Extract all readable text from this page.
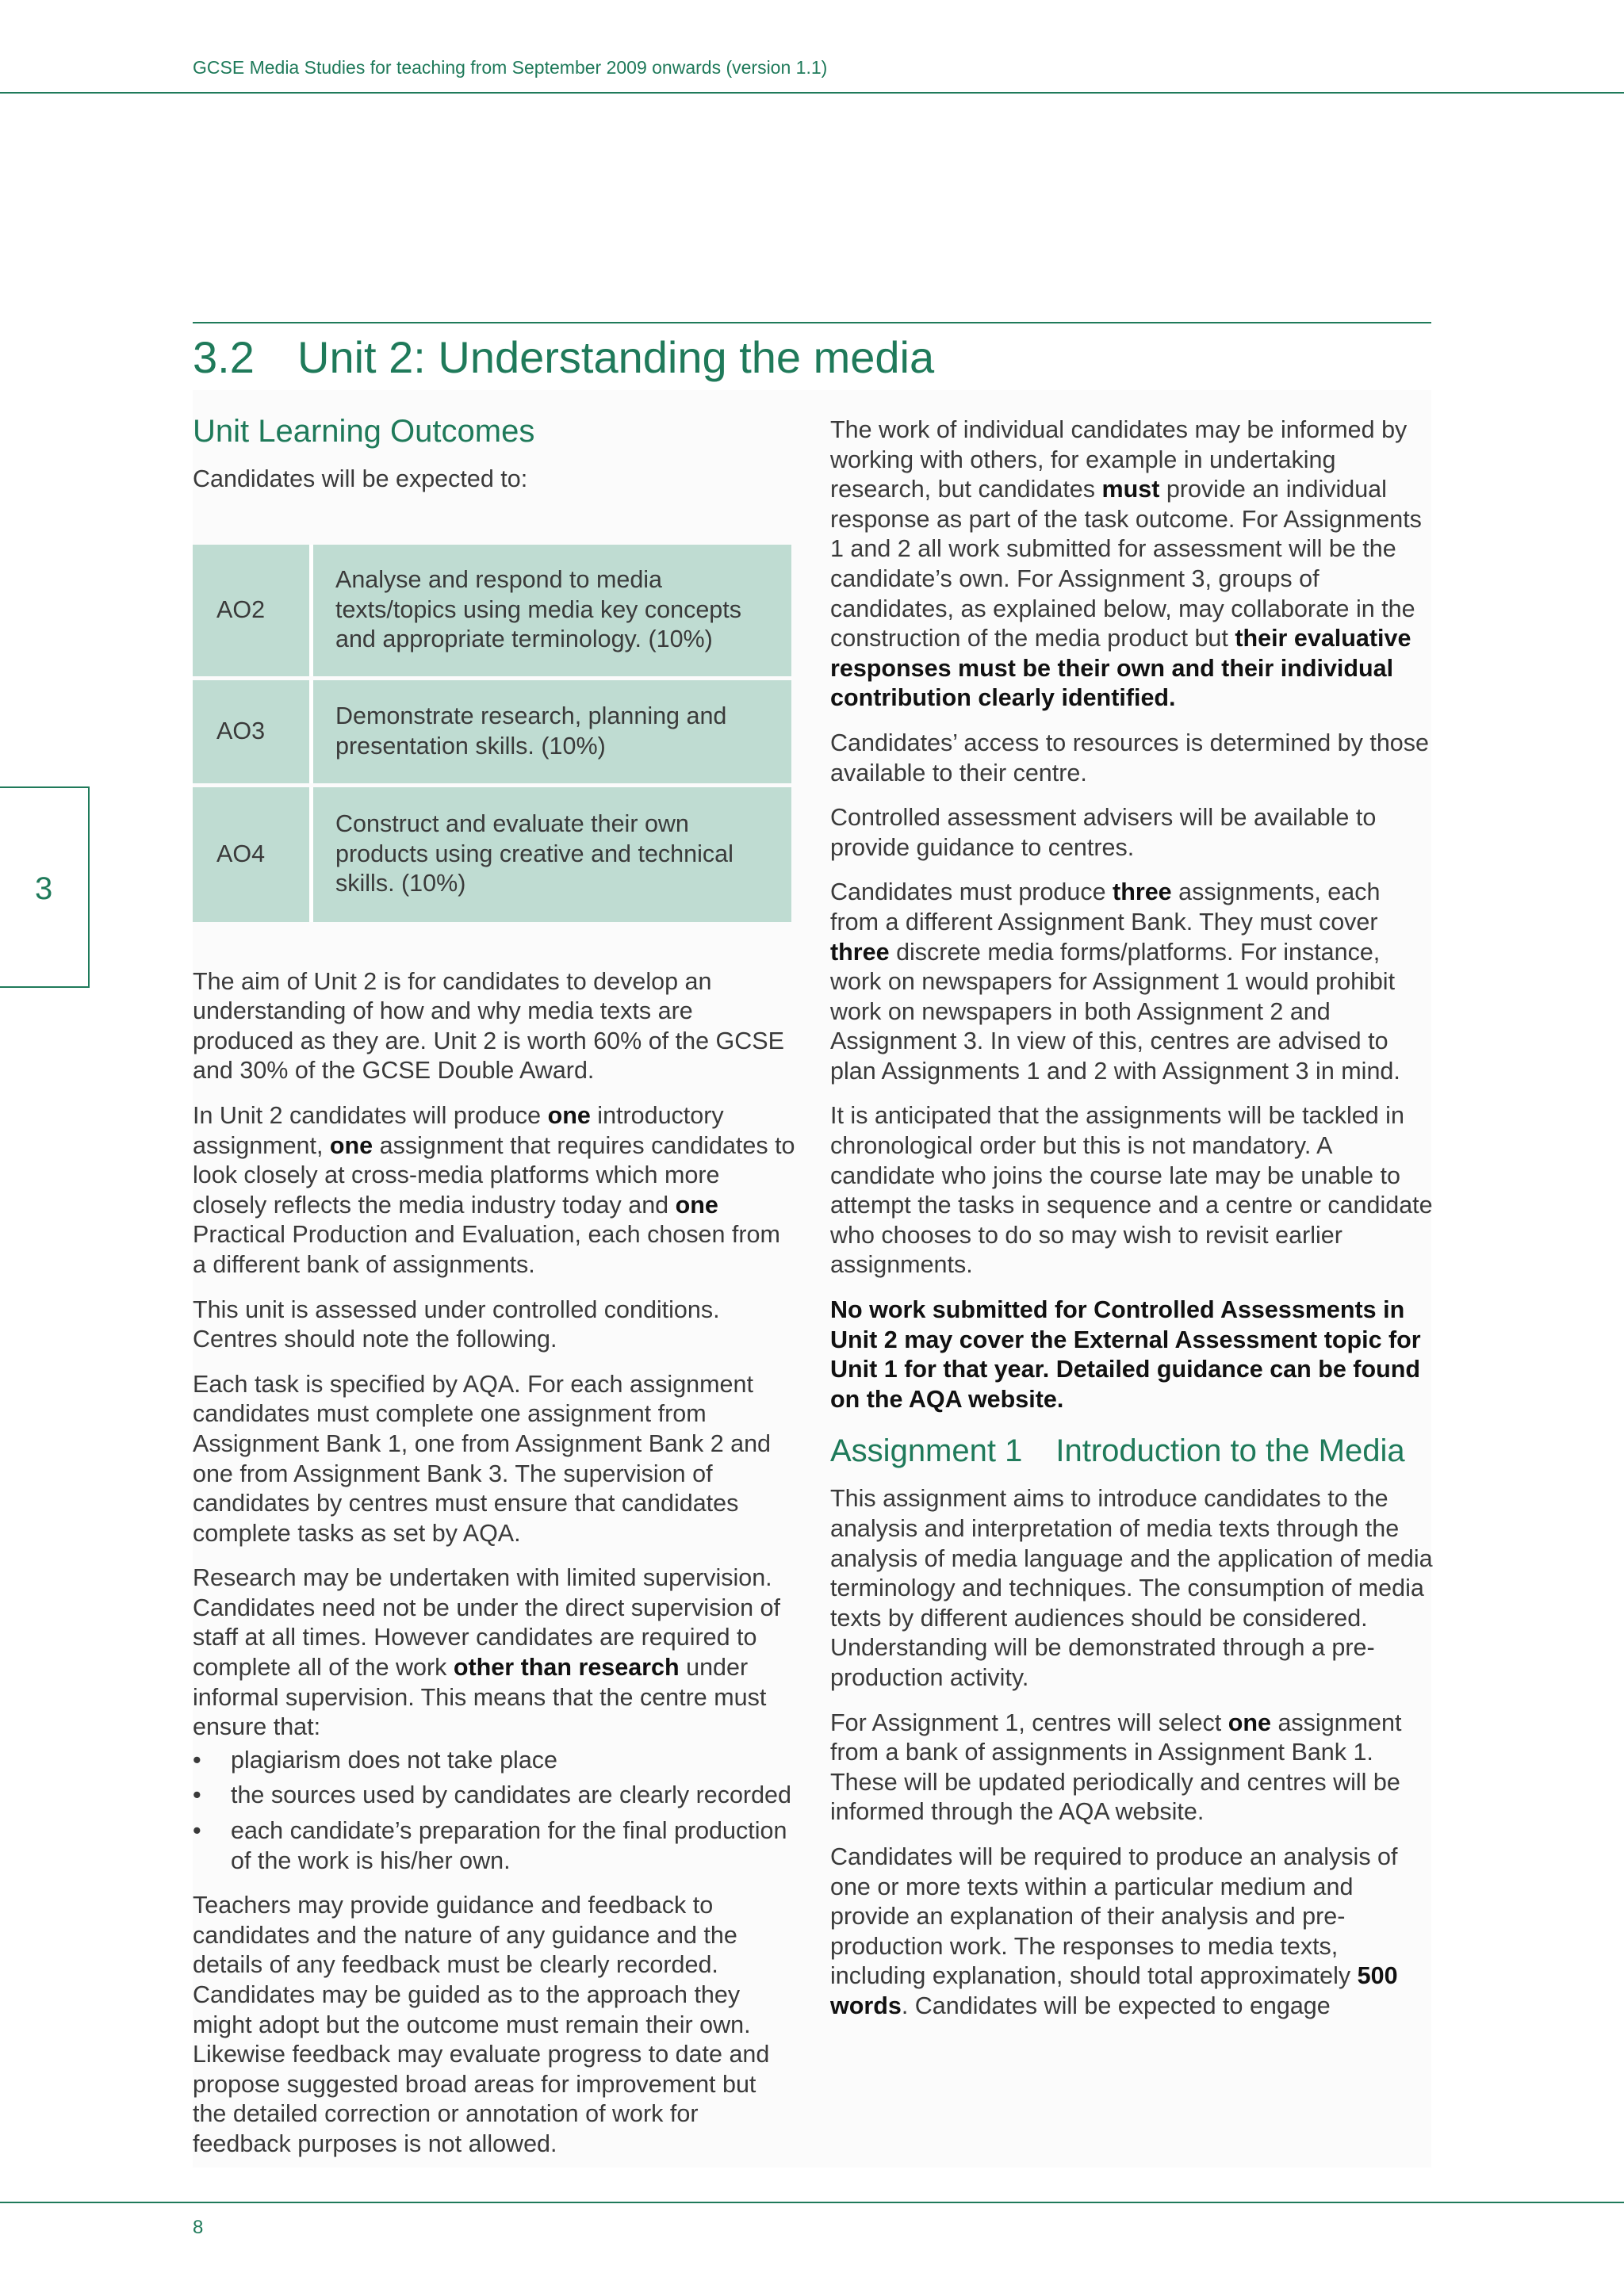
GCSE Media Studies for teaching from September 2009 onwards (version 1.1)
3.2 Unit 2: Understanding the media
3
Unit Learning Outcomes

Candidates will be expected to:

AO2	Analyse and respond to media texts/topics using media key concepts and appropriate terminology. (10%)
AO3	Demonstrate research, planning and presentation skills. (10%)
AO4	Construct and evaluate their own products using creative and technical skills. (10%)

The aim of Unit 2 is for candidates to develop an understanding of how and why media texts are produced as they are. Unit 2 is worth 60% of the GCSE and 30% of the GCSE Double Award.

In Unit 2 candidates will produce one introductory assignment, one assignment that requires candidates to look closely at cross-media platforms which more closely reflects the media industry today and one Practical Production and Evaluation, each chosen from a different bank of assignments.

This unit is assessed under controlled conditions. Centres should note the following.

Each task is specified by AQA. For each assignment candidates must complete one assignment from Assignment Bank 1, one from Assignment Bank 2 and one from Assignment Bank 3. The supervision of candidates by centres must ensure that candidates complete tasks as set by AQA.

Research may be undertaken with limited supervision. Candidates need not be under the direct supervision of staff at all times. However candidates are required to complete all of the work other than research under informal supervision. This means that the centre must ensure that:

• plagiarism does not take place
• the sources used by candidates are clearly recorded
• each candidate’s preparation for the final production of the work is his/her own.

Teachers may provide guidance and feedback to candidates and the nature of any guidance and the details of any feedback must be clearly recorded. Candidates may be guided as to the approach they might adopt but the outcome must remain their own. Likewise feedback may evaluate progress to date and propose suggested broad areas for improvement but the detailed correction or annotation of work for feedback purposes is not allowed.

The work of individual candidates may be informed by working with others, for example in undertaking research, but candidates must provide an individual response as part of the task outcome. For Assignments 1 and 2 all work submitted for assessment will be the candidate’s own. For Assignment 3, groups of candidates, as explained below, may collaborate in the construction of the media product but their evaluative responses must be their own and their individual contribution clearly identified.

Candidates’ access to resources is determined by those available to their centre.

Controlled assessment advisers will be available to provide guidance to centres.

Candidates must produce three assignments, each from a different Assignment Bank. They must cover three discrete media forms/platforms. For instance, work on newspapers for Assignment 1 would prohibit work on newspapers in both Assignment 2 and Assignment 3. In view of this, centres are advised to plan Assignments 1 and 2 with Assignment 3 in mind.

It is anticipated that the assignments will be tackled in chronological order but this is not mandatory. A candidate who joins the course late may be unable to attempt the tasks in sequence and a centre or candidate who chooses to do so may wish to revisit earlier assignments.

No work submitted for Controlled Assessments in Unit 2 may cover the External Assessment topic for Unit 1 for that year. Detailed guidance can be found on the AQA website.

Assignment 1 Introduction to the Media

This assignment aims to introduce candidates to the analysis and interpretation of media texts through the analysis of media language and the application of media terminology and techniques. The consumption of media texts by different audiences should be considered. Understanding will be demonstrated through a pre-production activity.

For Assignment 1, centres will select one assignment from a bank of assignments in Assignment Bank 1. These will be updated periodically and centres will be informed through the AQA website.

Candidates will be required to produce an analysis of one or more texts within a particular medium and provide an explanation of their analysis and pre-production work. The responses to media texts, including explanation, should total approximately 500 words. Candidates will be expected to engage

8
